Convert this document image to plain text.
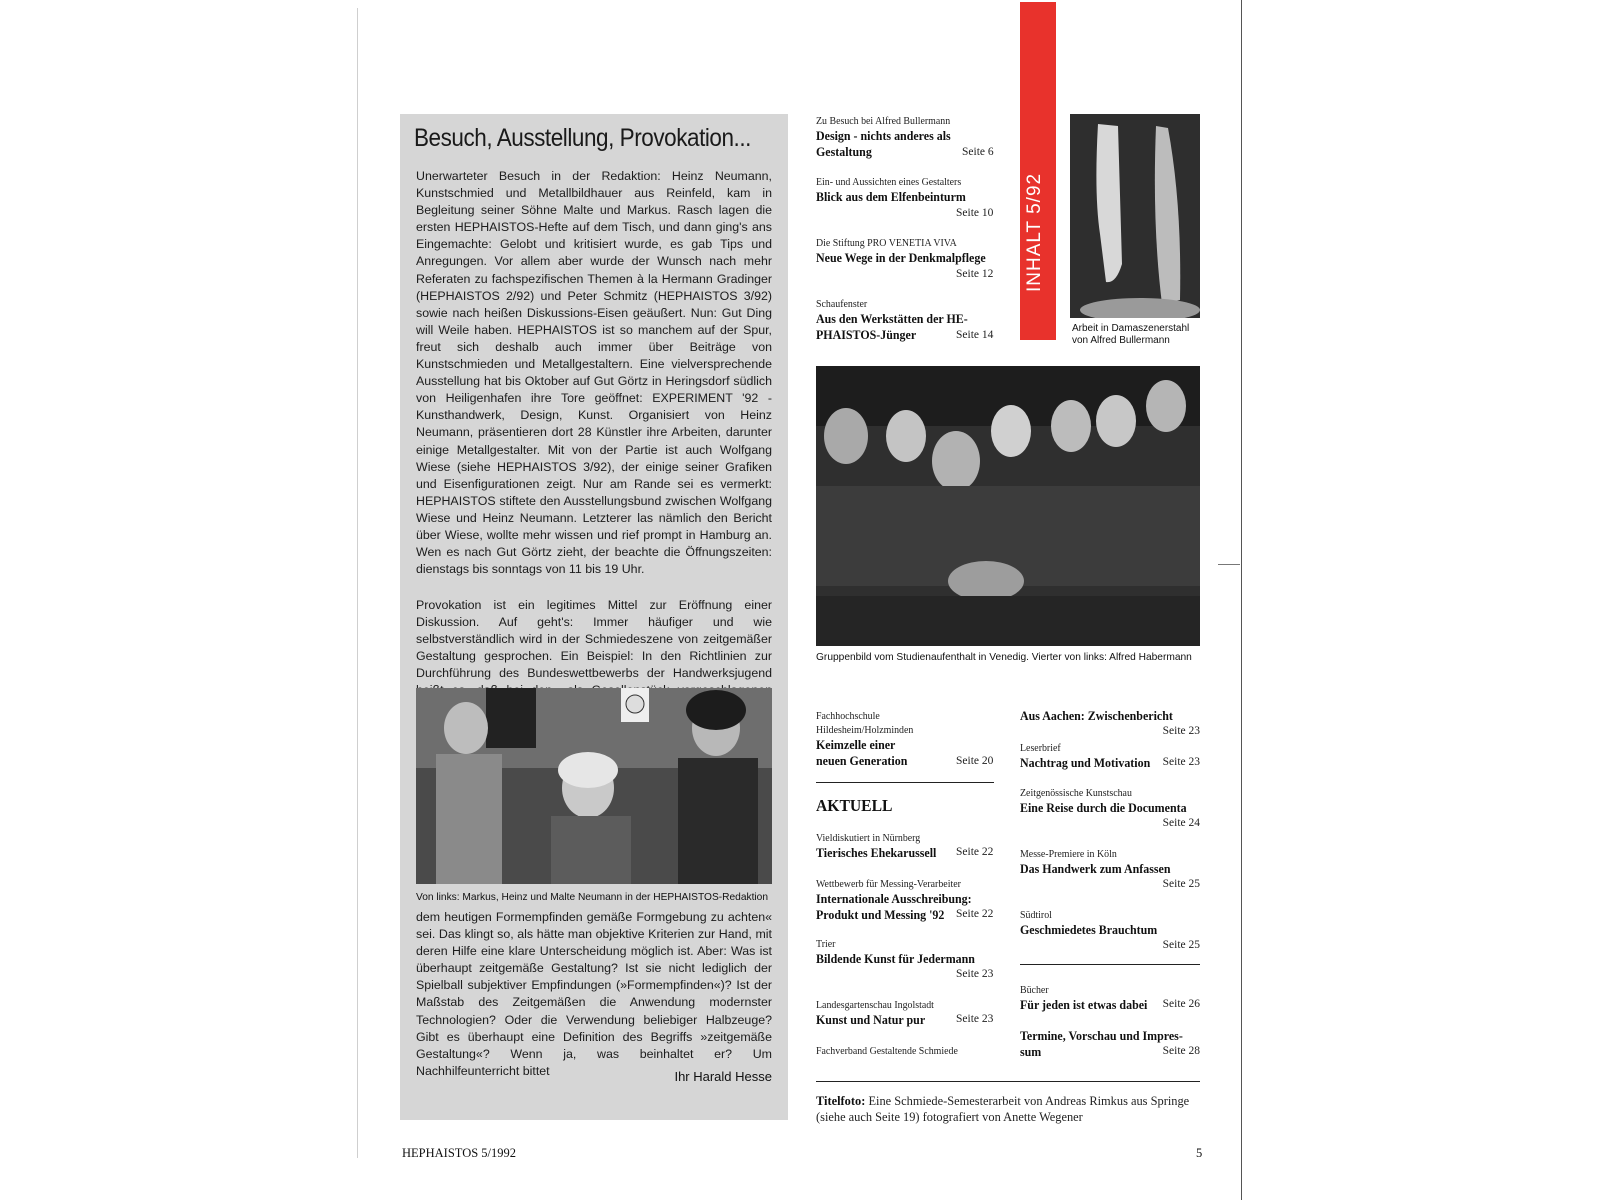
Besuch, Ausstellung, Provokation...

Unerwarteter Besuch in der Redaktion: Heinz Neumann, Kunstschmied und Metallbildhauer aus Reinfeld, kam in Begleitung seiner Söhne Malte und Markus. Rasch lagen die ersten HEPHAISTOS-Hefte auf dem Tisch, und dann ging's ans Eingemachte: Gelobt und kritisiert wurde, es gab Tips und Anregungen. Vor allem aber wurde der Wunsch nach mehr Referaten zu fachspezifischen Themen à la Hermann Gradinger (HEPHAISTOS 2/92) und Peter Schmitz (HEPHAISTOS 3/92) sowie nach heißen Diskussions-Eisen geäußert. Nun: Gut Ding will Weile haben. HEPHAISTOS ist so manchem auf der Spur, freut sich deshalb auch immer über Beiträge von Kunstschmieden und Metallgestaltern. Eine vielversprechende Ausstellung hat bis Oktober auf Gut Görtz in Heringsdorf südlich von Heiligenhafen ihre Tore geöffnet: EXPERIMENT '92 - Kunsthandwerk, Design, Kunst. Organisiert von Heinz Neumann, präsentieren dort 28 Künstler ihre Arbeiten, darunter einige Metallgestalter. Mit von der Partie ist auch Wolfgang Wiese (siehe HEPHAISTOS 3/92), der einige seiner Grafiken und Eisenfigurationen zeigt. Nur am Rande sei es vermerkt: HEPHAISTOS stiftete den Ausstellungsbund zwischen Wolfgang Wiese und Heinz Neumann. Letzterer las nämlich den Bericht über Wiese, wollte mehr wissen und rief prompt in Hamburg an. Wen es nach Gut Görtz zieht, der beachte die Öffnungszeiten: dienstags bis sonntags von 11 bis 19 Uhr.

Provokation ist ein legitimes Mittel zur Eröffnung einer Diskussion. Auf geht's: Immer häufiger und wie selbstverständlich wird in der Schmiedeszene von zeitgemäßer Gestaltung gesprochen. Ein Beispiel: In den Richtlinien zur Durchführung des Bundeswettbewerbs der Handwerksjugend

Von links: Markus, Heinz und Malte Neumann in der HEPHAISTOS-Redaktion

dem heutigen Formempfinden gemäße Formgebung zu achten« sei. Das klingt so, als hätte man objektive Kriterien zur Hand, mit deren Hilfe eine klare Unterscheidung möglich ist. Aber: Was ist überhaupt zeitgemäße Gestaltung? Ist sie nicht lediglich der Spielball subjektiver Empfindungen (»Formempfinden«)? Ist der Maßstab des Zeitgemäßen die Anwendung modernster Technologien? Oder die Verwendung beliebiger Halbzeuge? Gibt es überhaupt eine Definition des Begriffs »zeitgemäße Gestaltung«? Wenn ja, was beinhaltet er? Um Nachhilfeunterricht bittet	Ihr Harald Hesse
Zu Besuch bei Alfred Bullermann
Design - nichts anderes als
Gestaltung	Seite 6
Ein- und Aussichten eines Gestalters
Blick aus dem Elfenbeinturm
Seite 10
Die Stiftung PRO VENETIA VIVA
Neue Wege in der Denkmalpflege
Seite 12
Schaufenster
Aus den Werkstätten der HE-
PHAISTOS-Jünger	Seite 14
INHALT 5/92
Arbeit in Damaszenerstahl
von Alfred Bullermann
Gruppenbild vom Studienaufenthalt in Venedig. Vierter von links: Alfred Habermann
Fachhochschule
Hildesheim/Holzminden
Keimzelle einer
neuen Generation	Seite 20
AKTUELL
Vieldiskutiert in Nürnberg
Tierisches Ehekarussell Seite 22
Wettbewerb für Messing-Verarbeiter
Internationale Ausschreibung:
Produkt und Messing '92	Seite 22
Trier
Bildende Kunst für Jedermann
Seite 23
Landesgartenschau Ingolstadt
Kunst und Natur pur	Seite 23
Fachverband Gestaltende Schmiede
Aus Aachen: Zwischenbericht
Seite 23
Leserbrief
Nachtrag und Motivation	Seite 23
Zeitgenössische Kunstschau
Eine Reise durch die Documenta
Seite 24
Messe-Premiere in Köln
Das Handwerk zum Anfassen
Seite 25
Südtirol
Geschmiedetes Brauchtum
Seite 25
Bücher
Für jeden ist etwas dabei	Seite 26
Termine, Vorschau und Impres-
sum	Seite 28
Titelfoto: Eine Schmiede-Semesterarbeit von Andreas Rimkus aus Springe (siehe auch Seite 19) fotografiert von Anette Wegener
HEPHAISTOS 5/1992	5
